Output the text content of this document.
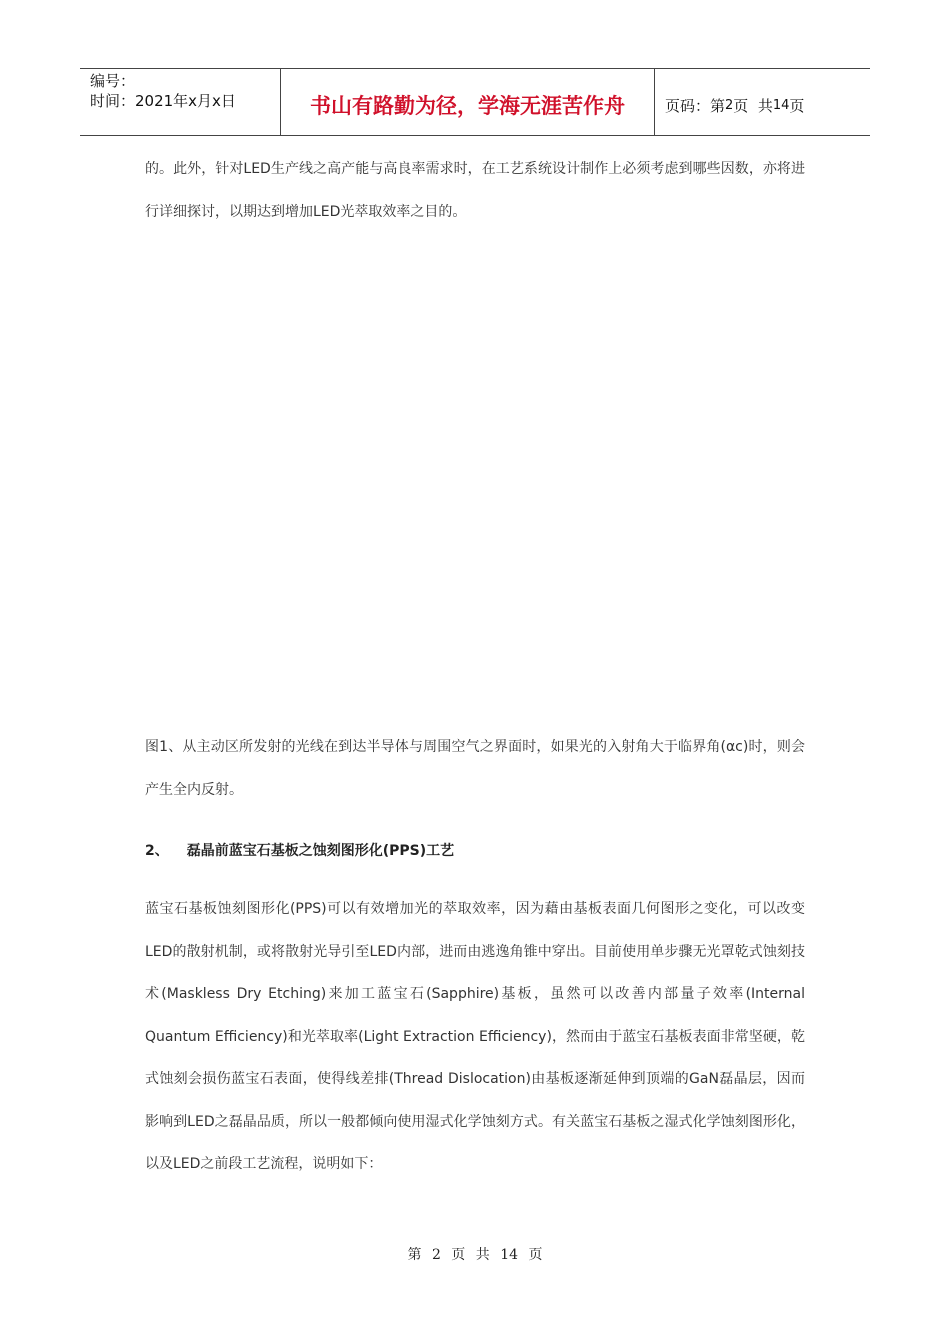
编号：
时间：2021年x月x日	书山有路勤为径，学海无涯苦作舟	页码：第 2 页  共 14 页

的。此外，针对LED生产线之高产能与高良率需求时，在工艺系统设计制作上必须考虑到哪些因数，亦将进行详细探讨，以期达到增加LED光萃取效率之目的。

图1、从主动区所发射的光线在到达半导体与周围空气之界面时，如果光的入射角大于临界角(αc)时，则会产生全内反射。

2、 磊晶前蓝宝石基板之蚀刻图形化(PPS)工艺

蓝宝石基板蚀刻图形化(PPS)可以有效增加光的萃取效率，因为藉由基板表面几何图形之变化，可以改变LED的散射机制，或将散射光导引至LED内部，进而由逃逸角锥中穿出。目前使用单步骤无光罩乾式蚀刻技术(Maskless Dry Etching)来加工蓝宝石(Sapphire)基板，虽然可以改善内部量子效率(Internal Quantum Efficiency)和光萃取率(Light Extraction Efficiency)，然而由于蓝宝石基板表面非常坚硬，乾式蚀刻会损伤蓝宝石表面，使得线差排(Thread Dislocation)由基板逐渐延伸到顶端的GaN磊晶层，因而影响到LED之磊晶品质，所以一般都倾向使用湿式化学蚀刻方式。有关蓝宝石基板之湿式化学蚀刻图形化，以及LED之前段工艺流程，说明如下：

第 2 页 共 14 页
